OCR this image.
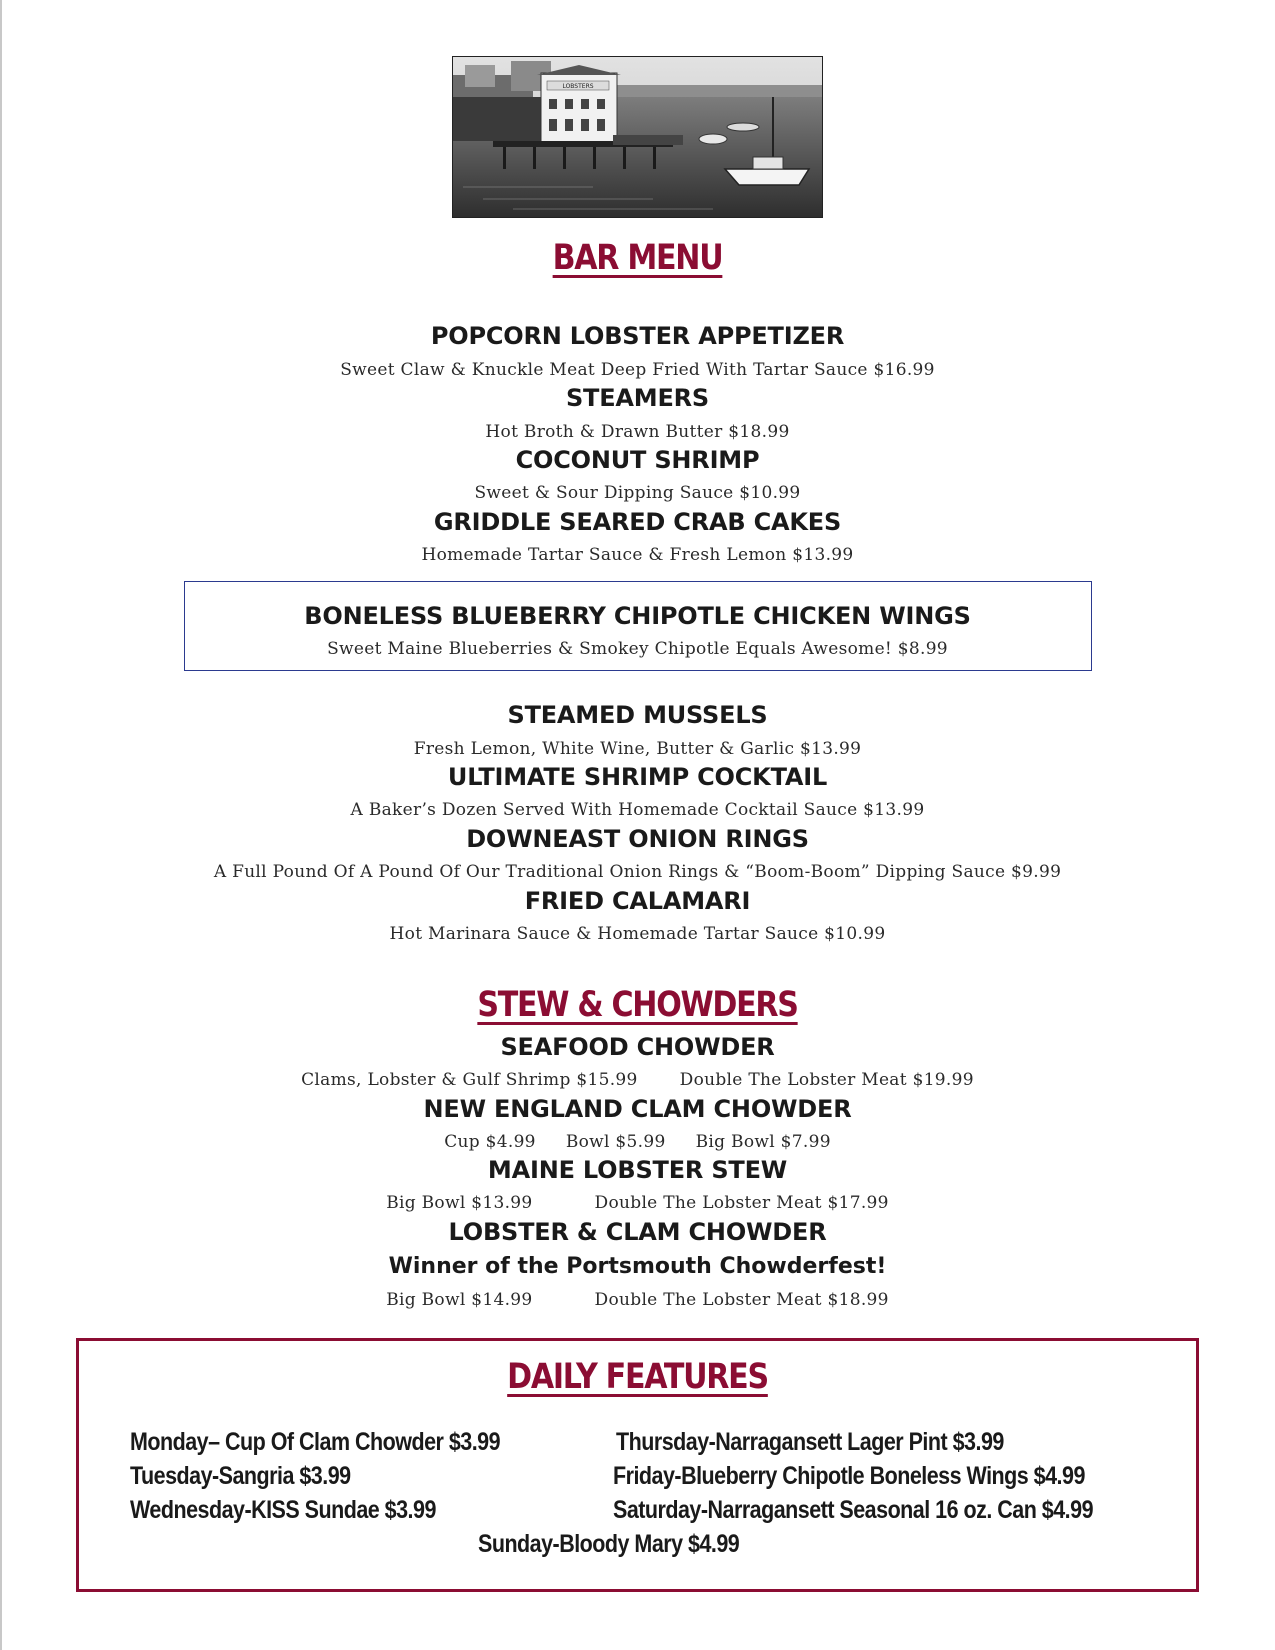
LOBSTERS
BAR MENU
POPCORN LOBSTER APPETIZER
Sweet Claw & Knuckle Meat Deep Fried With Tartar Sauce $16.99
STEAMERS
Hot Broth & Drawn Butter $18.99
COCONUT SHRIMP
Sweet & Sour Dipping Sauce $10.99
GRIDDLE SEARED CRAB CAKES
Homemade Tartar Sauce & Fresh Lemon $13.99
BONELESS BLUEBERRY CHIPOTLE CHICKEN WINGS
Sweet Maine Blueberries & Smokey Chipotle Equals Awesome! $8.99
STEAMED MUSSELS
Fresh Lemon, White Wine, Butter & Garlic $13.99
ULTIMATE SHRIMP COCKTAIL
A Baker’s Dozen Served With Homemade Cocktail Sauce $13.99
DOWNEAST ONION RINGS
A Full Pound Of A Pound Of Our Traditional Onion Rings & “Boom-Boom” Dipping Sauce $9.99
FRIED CALAMARI
Hot Marinara Sauce & Homemade Tartar Sauce $10.99
STEW & CHOWDERS
SEAFOOD CHOWDER
Clams, Lobster & Gulf Shrimp $15.99 Double The Lobster Meat $19.99
NEW ENGLAND CLAM CHOWDER
Cup $4.99 Bowl $5.99 Big Bowl $7.99
MAINE LOBSTER STEW
Big Bowl $13.99	Double The Lobster Meat $17.99
LOBSTER & CLAM CHOWDER
Winner of the Portsmouth Chowderfest!
Big Bowl $14.99	Double The Lobster Meat $18.99
DAILY FEATURES
Monday– Cup Of Clam Chowder $3.99
Tuesday-Sangria $3.99
Wednesday-KISS Sundae $3.99
Thursday-Narragansett Lager Pint $3.99
Friday-Blueberry Chipotle Boneless Wings $4.99
Saturday-Narragansett Seasonal 16 oz. Can $4.99
Sunday-Bloody Mary $4.99
